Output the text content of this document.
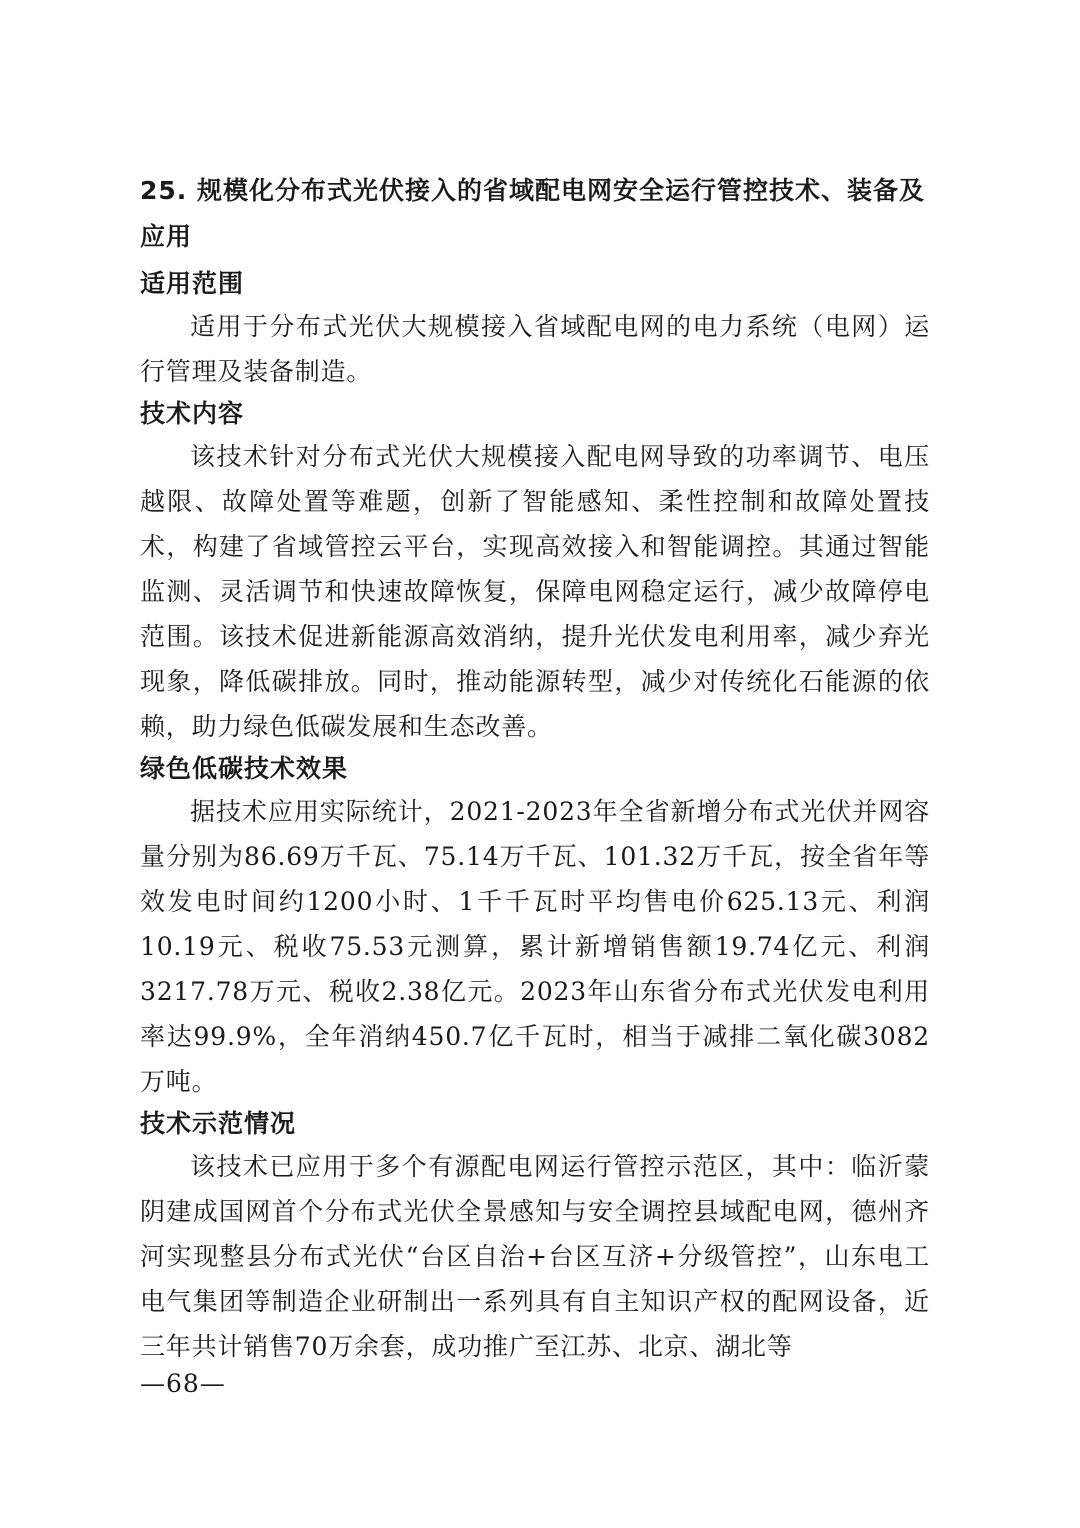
25. 规模化分布式光伏接入的省域配电网安全运行管控技术、装备及应用
适用范围

适用于分布式光伏大规模接入省域配电网的电力系统（电网）运行管理及装备制造。

技术内容

该技术针对分布式光伏大规模接入配电网导致的功率调节、电压越限、故障处置等难题，创新了智能感知、柔性控制和故障处置技术，构建了省域管控云平台，实现高效接入和智能调控。其通过智能监测、灵活调节和快速故障恢复，保障电网稳定运行，减少故障停电范围。该技术促进新能源高效消纳，提升光伏发电利用率，减少弃光现象，降低碳排放。同时，推动能源转型，减少对传统化石能源的依赖，助力绿色低碳发展和生态改善。

绿色低碳技术效果

据技术应用实际统计，2021-2023年全省新增分布式光伏并网容量分别为86.69万千瓦、75.14万千瓦、101.32万千瓦，按全省年等效发电时间约1200小时、1千千瓦时平均售电价625.13元、利润10.19元、税收75.53元测算，累计新增销售额19.74亿元、利润3217.78万元、税收2.38亿元。2023年山东省分布式光伏发电利用率达99.9%，全年消纳450.7亿千瓦时，相当于减排二氧化碳3082万吨。

技术示范情况

该技术已应用于多个有源配电网运行管控示范区，其中：临沂蒙阴建成国网首个分布式光伏全景感知与安全调控县域配电网，德州齐河实现整县分布式光伏“台区自治+台区互济+分级管控”，山东电工电气集团等制造企业研制出一系列具有自主知识产权的配网设备，近三年共计销售70万余套，成功推广至江苏、北京、湖北等

—68—
